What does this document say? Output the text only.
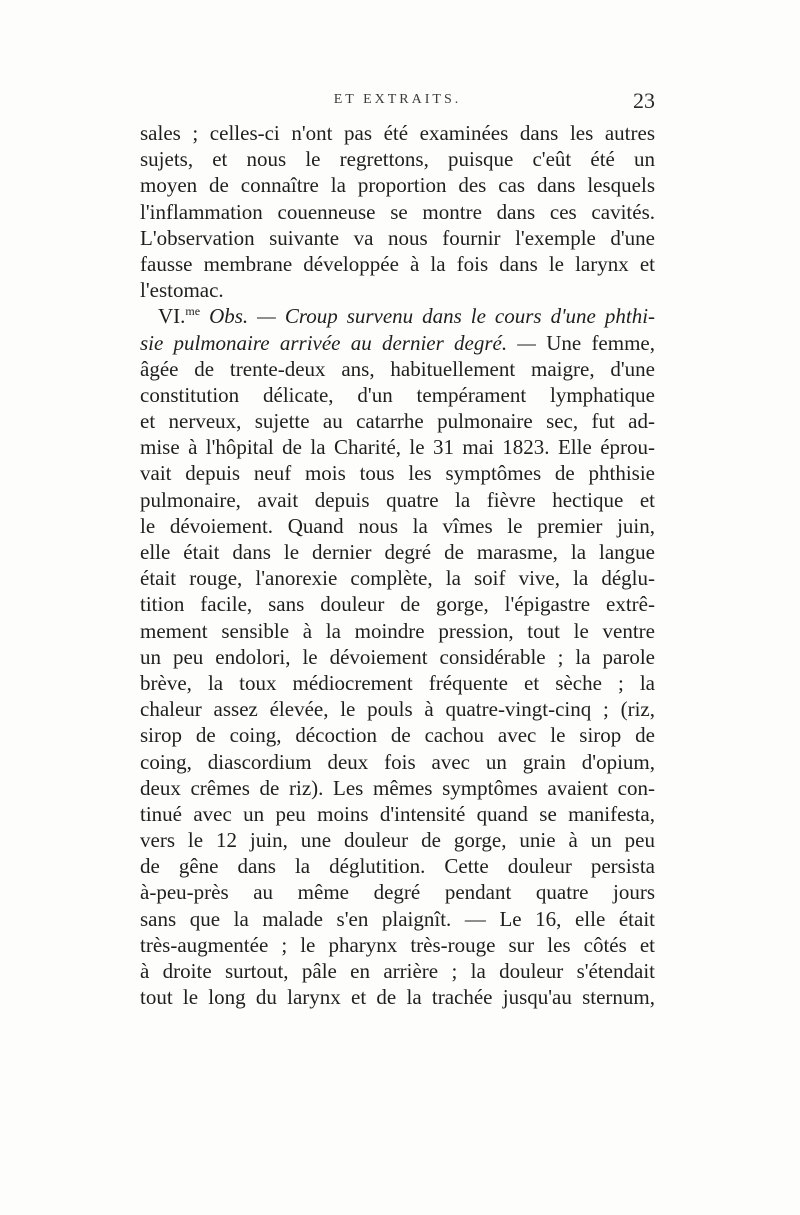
ET EXTRAITS.	23
sales ; celles-ci n'ont pas été examinées dans les autres
sujets, et nous le regrettons, puisque c'eût été un
moyen de connaître la proportion des cas dans lesquels
l'inflammation couenneuse se montre dans ces cavités.
L'observation suivante va nous fournir l'exemple d'une
fausse membrane développée à la fois dans le larynx et
l'estomac.
VI.$^{me}$ Obs. — Croup survenu dans le cours d'une phthi-
sie pulmonaire arrivée au dernier degré. — Une femme,
âgée de trente-deux ans, habituellement maigre, d'une
constitution délicate, d'un tempérament lymphatique
et nerveux, sujette au catarrhe pulmonaire sec, fut ad-
mise à l'hôpital de la Charité, le 31 mai 1823. Elle éprou-
vait depuis neuf mois tous les symptômes de phthisie
pulmonaire, avait depuis quatre la fièvre hectique et
le dévoiement. Quand nous la vîmes le premier juin,
elle était dans le dernier degré de marasme, la langue
était rouge, l'anorexie complète, la soif vive, la déglu-
tition facile, sans douleur de gorge, l'épigastre extrê-
mement sensible à la moindre pression, tout le ventre
un peu endolori, le dévoiement considérable ; la parole
brève, la toux médiocrement fréquente et sèche ; la
chaleur assez élevée, le pouls à quatre-vingt-cinq ; (riz,
sirop de coing, décoction de cachou avec le sirop de
coing, diascordium deux fois avec un grain d'opium,
deux crêmes de riz). Les mêmes symptômes avaient con-
tinué avec un peu moins d'intensité quand se manifesta,
vers le 12 juin, une douleur de gorge, unie à un peu
de gêne dans la déglutition. Cette douleur persista
à-peu-près au même degré pendant quatre jours
sans que la malade s'en plaignît. — Le 16, elle était
très-augmentée ; le pharynx très-rouge sur les côtés et
à droite surtout, pâle en arrière ; la douleur s'étendait
tout le long du larynx et de la trachée jusqu'au sternum,
